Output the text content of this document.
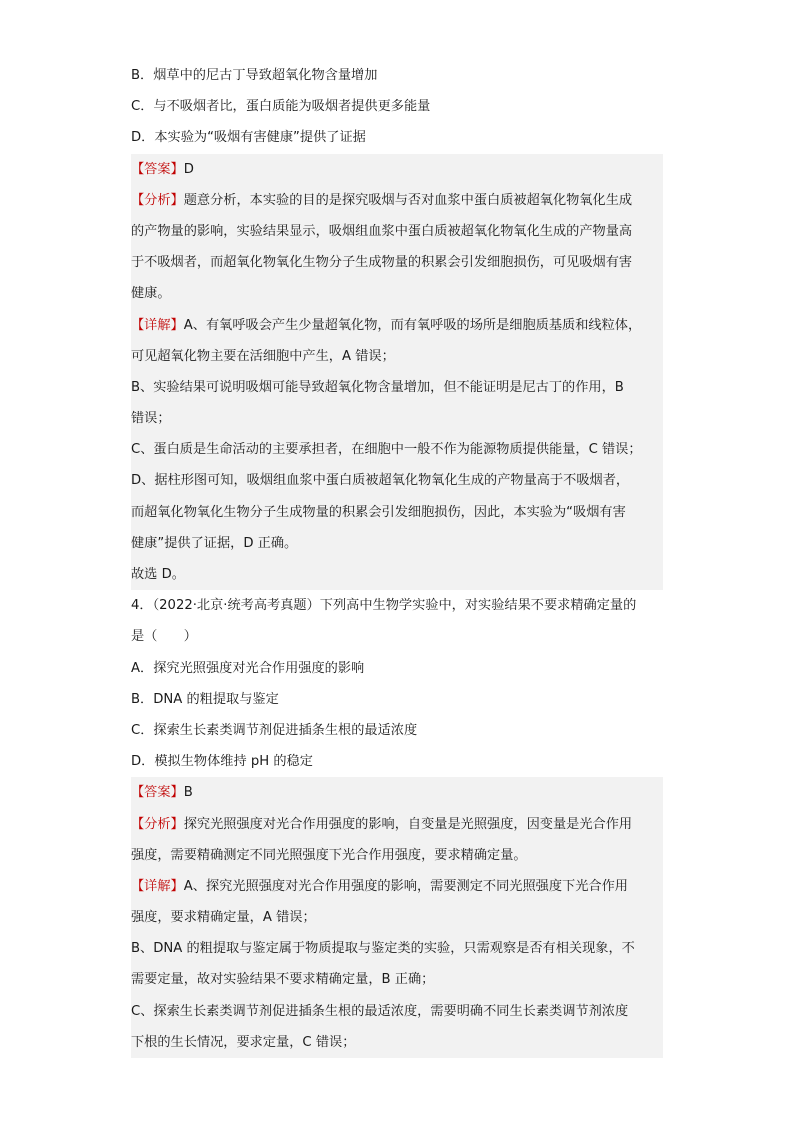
B．烟草中的尼古丁导致超氧化物含量增加
C．与不吸烟者比，蛋白质能为吸烟者提供更多能量
D．本实验为“吸烟有害健康”提供了证据
【答案】D
【分析】题意分析，本实验的目的是探究吸烟与否对血浆中蛋白质被超氧化物氧化生成
的产物量的影响，实验结果显示，吸烟组血浆中蛋白质被超氧化物氧化生成的产物量高
于不吸烟者，而超氧化物氧化生物分子生成物量的积累会引发细胞损伤，可见吸烟有害
健康。
【详解】A、有氧呼吸会产生少量超氧化物，而有氧呼吸的场所是细胞质基质和线粒体，
可见超氧化物主要在活细胞中产生，A 错误；
B、实验结果可说明吸烟可能导致超氧化物含量增加，但不能证明是尼古丁的作用，B
错误；
C、蛋白质是生命活动的主要承担者，在细胞中一般不作为能源物质提供能量，C 错误；
D、据柱形图可知，吸烟组血浆中蛋白质被超氧化物氧化生成的产物量高于不吸烟者，
而超氧化物氧化生物分子生成物量的积累会引发细胞损伤，因此，本实验为“吸烟有害
健康”提供了证据，D 正确。
故选 D。
4．（2022·北京·统考高考真题）下列高中生物学实验中，对实验结果不要求精确定量的
是（　　）
A．探究光照强度对光合作用强度的影响
B．DNA 的粗提取与鉴定
C．探索生长素类调节剂促进插条生根的最适浓度
D．模拟生物体维持 pH 的稳定
【答案】B
【分析】探究光照强度对光合作用强度的影响，自变量是光照强度，因变量是光合作用
强度，需要精确测定不同光照强度下光合作用强度，要求精确定量。
【详解】A、探究光照强度对光合作用强度的影响，需要测定不同光照强度下光合作用
强度，要求精确定量，A 错误；
B、DNA 的粗提取与鉴定属于物质提取与鉴定类的实验，只需观察是否有相关现象，不
需要定量，故对实验结果不要求精确定量，B 正确；
C、探索生长素类调节剂促进插条生根的最适浓度，需要明确不同生长素类调节剂浓度
下根的生长情况，要求定量，C 错误；
